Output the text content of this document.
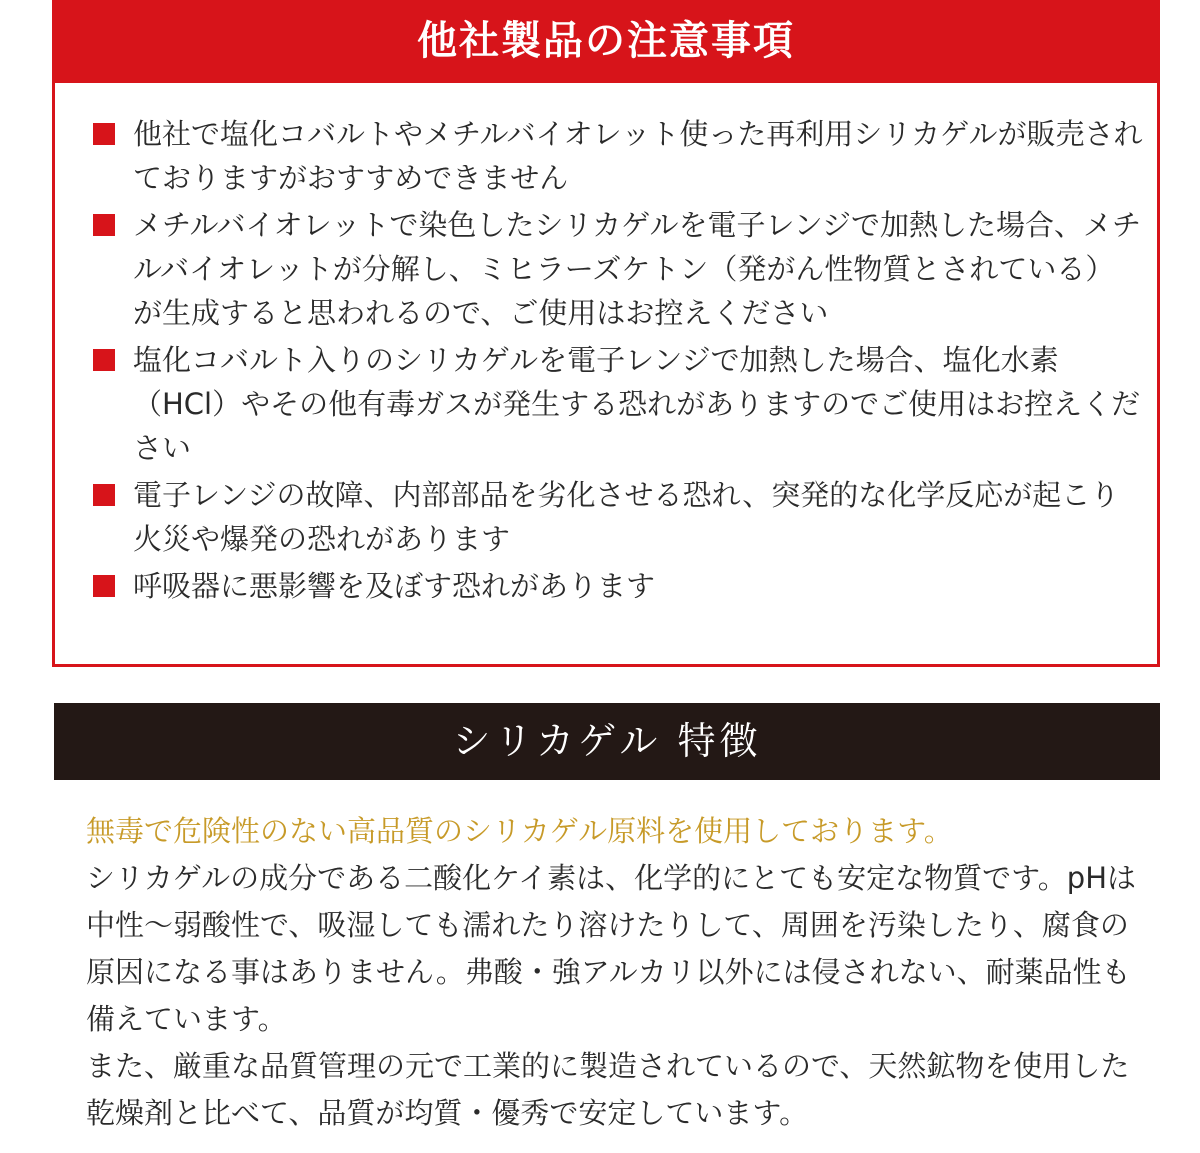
他社製品の注意事項
他社で塩化コバルトやメチルバイオレット使った再利用シリカゲルが販売されておりますがおすすめできません
メチルバイオレットで染色したシリカゲルを電子レンジで加熱した場合、メチルバイオレットが分解し、ミヒラーズケトン（発がん性物質とされている）が生成すると思われるので、ご使用はお控えください
塩化コバルト入りのシリカゲルを電子レンジで加熱した場合、塩化水素（HCl）やその他有毒ガスが発生する恐れがありますのでご使用はお控えください
電子レンジの故障、内部部品を劣化させる恐れ、突発的な化学反応が起こり火災や爆発の恐れがあります
呼吸器に悪影響を及ぼす恐れがあります
シリカゲル 特徴

無毒で危険性のない高品質のシリカゲル原料を使用しております。

シリカゲルの成分である二酸化ケイ素は、化学的にとても安定な物質です。pHは中性～弱酸性で、吸湿しても濡れたり溶けたりして、周囲を汚染したり、腐食の原因になる事はありません。弗酸・強アルカリ以外には侵されない、耐薬品性も備えています。

また、厳重な品質管理の元で工業的に製造されているので、天然鉱物を使用した乾燥剤と比べて、品質が均質・優秀で安定しています。
